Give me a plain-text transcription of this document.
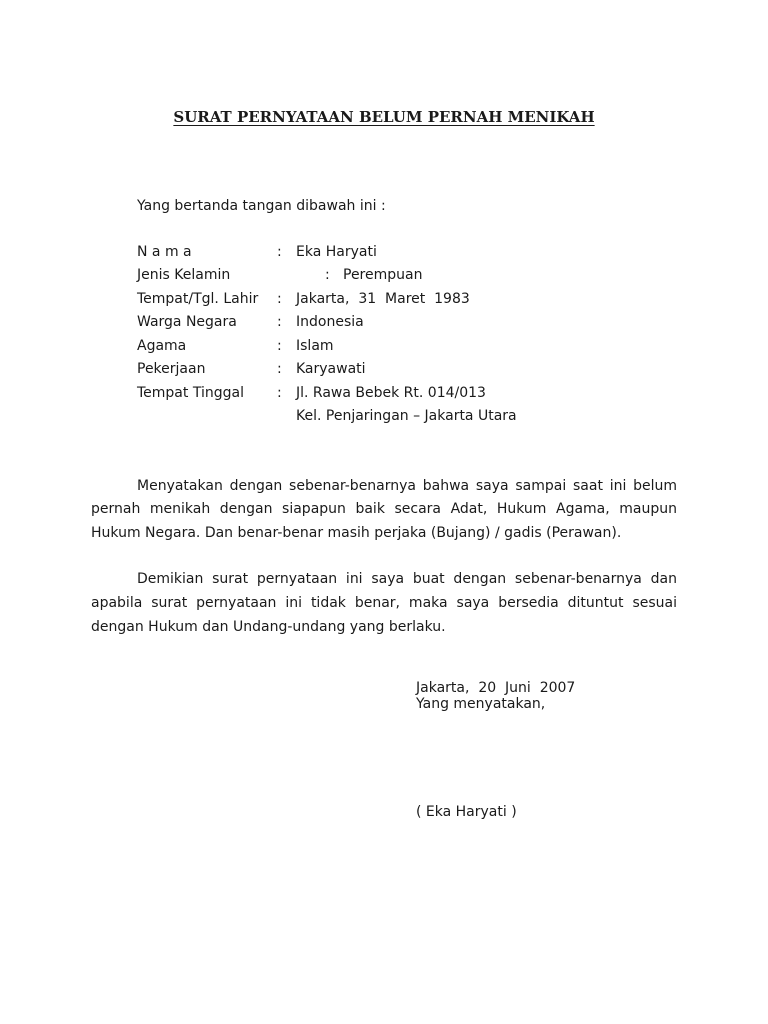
SURAT PERNYATAAN BELUM PERNAH MENIKAH
Yang bertanda tangan dibawah ini :
N a m a	: Eka Haryati
Jenis Kelamin	: Perempuan
Tempat/Tgl. Lahir : Jakarta,  31  Maret  1983
Warga Negara	: Indonesia
Agama	: Islam
Pekerjaan	: Karyawati
Tempat Tinggal : Jl. Rawa Bebek Rt. 014/013
Kel. Penjaringan – Jakarta Utara
Menyatakan dengan sebenar-benarnya bahwa saya sampai saat ini belum
pernah menikah dengan siapapun baik secara Adat, Hukum Agama, maupun
Hukum Negara. Dan benar-benar masih perjaka (Bujang) / gadis (Perawan).
Demikian surat pernyataan ini saya buat dengan sebenar-benarnya dan
apabila surat pernyataan ini tidak benar, maka saya bersedia dituntut sesuai
dengan Hukum dan Undang-undang yang berlaku.
Jakarta,  20  Juni  2007
Yang menyatakan,
( Eka Haryati )
